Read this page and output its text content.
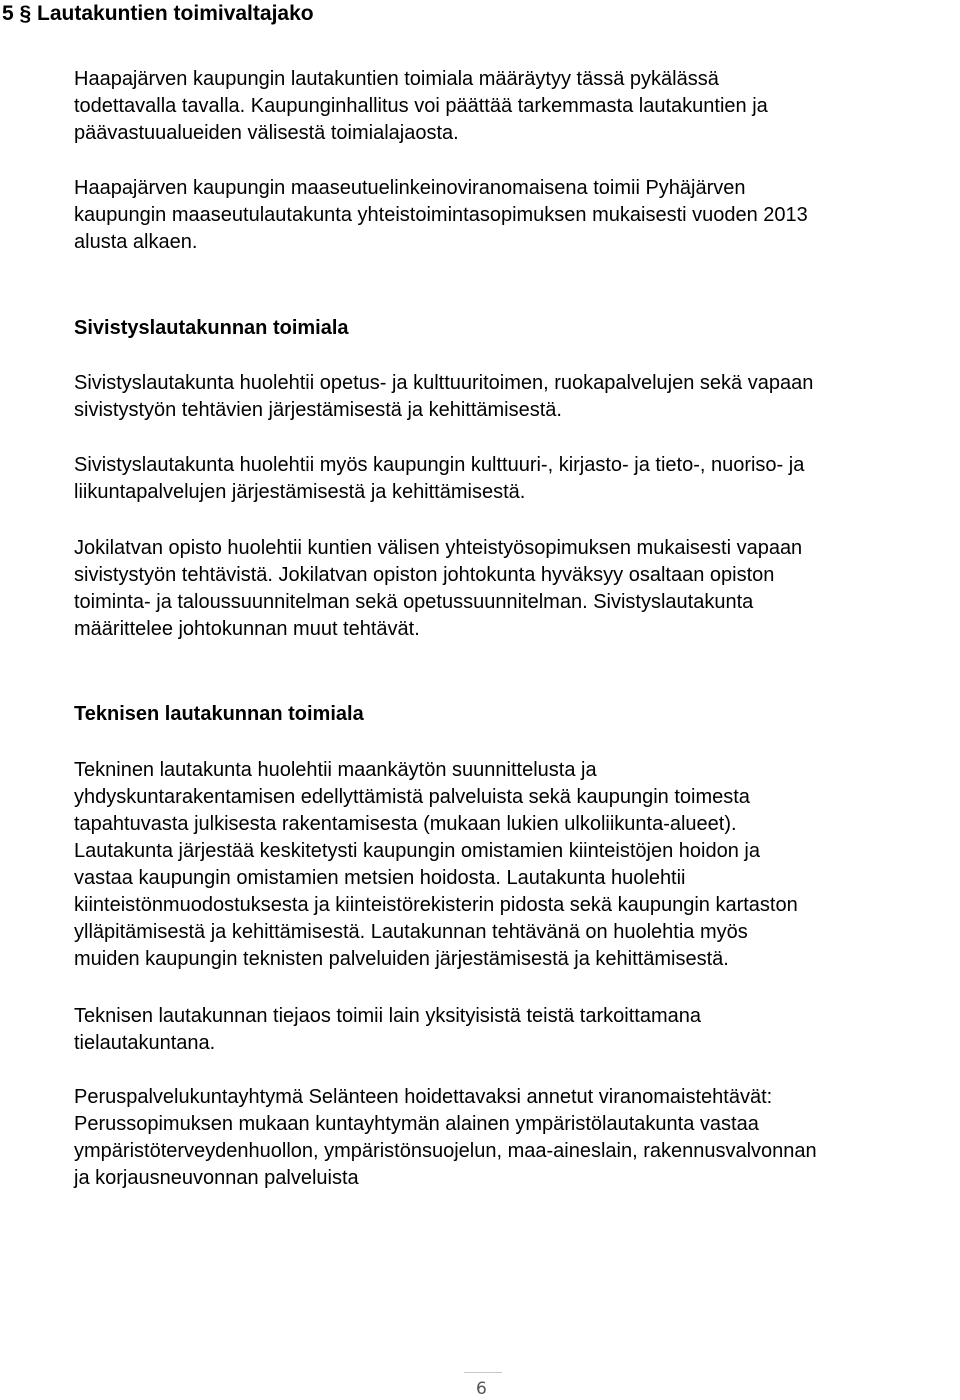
5 § Lautakuntien toimivaltajako
Haapajärven kaupungin lautakuntien toimiala määräytyy tässä pykälässä
todettavalla tavalla. Kaupunginhallitus voi päättää tarkemmasta lautakuntien ja
päävastuualueiden välisestä toimialajaosta.
Haapajärven kaupungin maaseutuelinkeinoviranomaisena toimii Pyhäjärven
kaupungin maaseutulautakunta yhteistoimintasopimuksen mukaisesti vuoden 2013
alusta alkaen.
Sivistyslautakunnan toimiala
Sivistyslautakunta huolehtii opetus- ja kulttuuritoimen, ruokapalvelujen sekä vapaan
sivistystyön tehtävien järjestämisestä ja kehittämisestä.
Sivistyslautakunta huolehtii myös kaupungin kulttuuri-, kirjasto- ja tieto-, nuoriso- ja
liikuntapalvelujen järjestämisestä ja kehittämisestä.
Jokilatvan opisto huolehtii kuntien välisen yhteistyösopimuksen mukaisesti vapaan
sivistystyön tehtävistä. Jokilatvan opiston johtokunta hyväksyy osaltaan opiston
toiminta- ja taloussuunnitelman sekä opetussuunnitelman. Sivistyslautakunta
määrittelee johtokunnan muut tehtävät.
Teknisen lautakunnan toimiala
Tekninen lautakunta huolehtii maankäytön suunnittelusta ja
yhdyskuntarakentamisen edellyttämistä palveluista sekä kaupungin toimesta
tapahtuvasta julkisesta rakentamisesta (mukaan lukien ulkoliikunta-alueet).
Lautakunta järjestää keskitetysti kaupungin omistamien kiinteistöjen hoidon ja
vastaa kaupungin omistamien metsien hoidosta. Lautakunta huolehtii
kiinteistönmuodostuksesta ja kiinteistörekisterin pidosta sekä kaupungin kartaston
ylläpitämisestä ja kehittämisestä. Lautakunnan tehtävänä on huolehtia myös
muiden kaupungin teknisten palveluiden järjestämisestä ja kehittämisestä.
Teknisen lautakunnan tiejaos toimii lain yksityisistä teistä tarkoittamana
tielautakuntana.
Peruspalvelukuntayhtymä Selänteen hoidettavaksi annetut viranomaistehtävät:
Perussopimuksen mukaan kuntayhtymän alainen ympäristölautakunta vastaa
ympäristöterveydenhuollon, ympäristönsuojelun, maa-aineslain, rakennusvalvonnan
ja korjausneuvonnan palveluista
6
